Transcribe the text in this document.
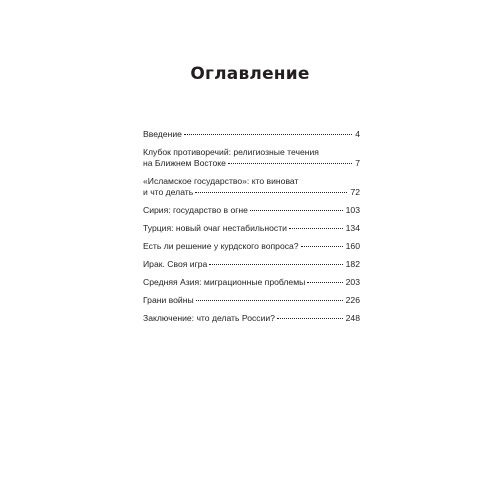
Оглавление
Введение	4
Клубок противоречий: религиозные течения
на Ближнем Востоке	7
«Исламское государство»: кто виноват
и что делать	72
Сирия: государство в огне	103
Турция: новый очаг нестабильности	134
Есть ли решение у курдского вопроса?	160
Ирак. Своя игра	182
Средняя Азия: миграционные проблемы	203
Грани войны	226
Заключение: что делать России?	248
